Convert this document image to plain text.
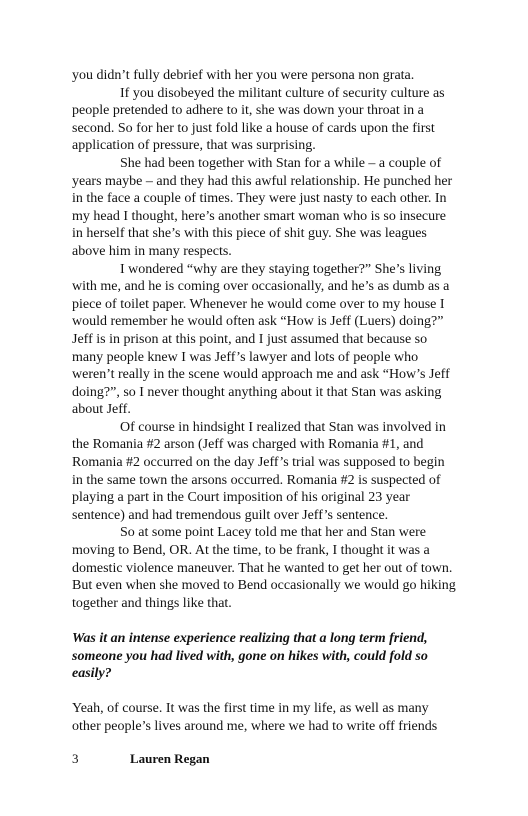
you didn’t fully debrief with her you were persona non grata.

If you disobeyed the militant culture of security culture as people pretended to adhere to it, she was down your throat in a second. So for her to just fold like a house of cards upon the first application of pressure, that was surprising.

She had been together with Stan for a while – a couple of years maybe – and they had this awful relationship. He punched her in the face a couple of times. They were just nasty to each other. In my head I thought, here’s another smart woman who is so insecure in herself that she’s with this piece of shit guy. She was leagues above him in many respects.

I wondered “why are they staying together?” She’s living with me, and he is coming over occasionally, and he’s as dumb as a piece of toilet paper. Whenever he would come over to my house I would remember he would often ask “How is Jeff (Luers) doing?” Jeff is in prison at this point, and I just assumed that because so many people knew I was Jeff’s lawyer and lots of people who weren’t really in the scene would approach me and ask “How’s Jeff doing?”, so I never thought anything about it that Stan was asking about Jeff.

Of course in hindsight I realized that Stan was involved in the Romania #2 arson (Jeff was charged with Romania #1, and Romania #2 occurred on the day Jeff’s trial was supposed to begin in the same town the arsons occurred. Romania #2 is suspected of playing a part in the Court imposition of his original 23 year sentence) and had tremendous guilt over Jeff’s sentence.

So at some point Lacey told me that her and Stan were moving to Bend, OR. At the time, to be frank, I thought it was a domestic violence maneuver. That he wanted to get her out of town. But even when she moved to Bend occasionally we would go hiking together and things like that.

Was it an intense experience realizing that a long term friend, someone you had lived with, gone on hikes with, could fold so easily?

Yeah, of course. It was the first time in my life, as well as many other people’s lives around me, where we had to write off friends

3	Lauren Regan
